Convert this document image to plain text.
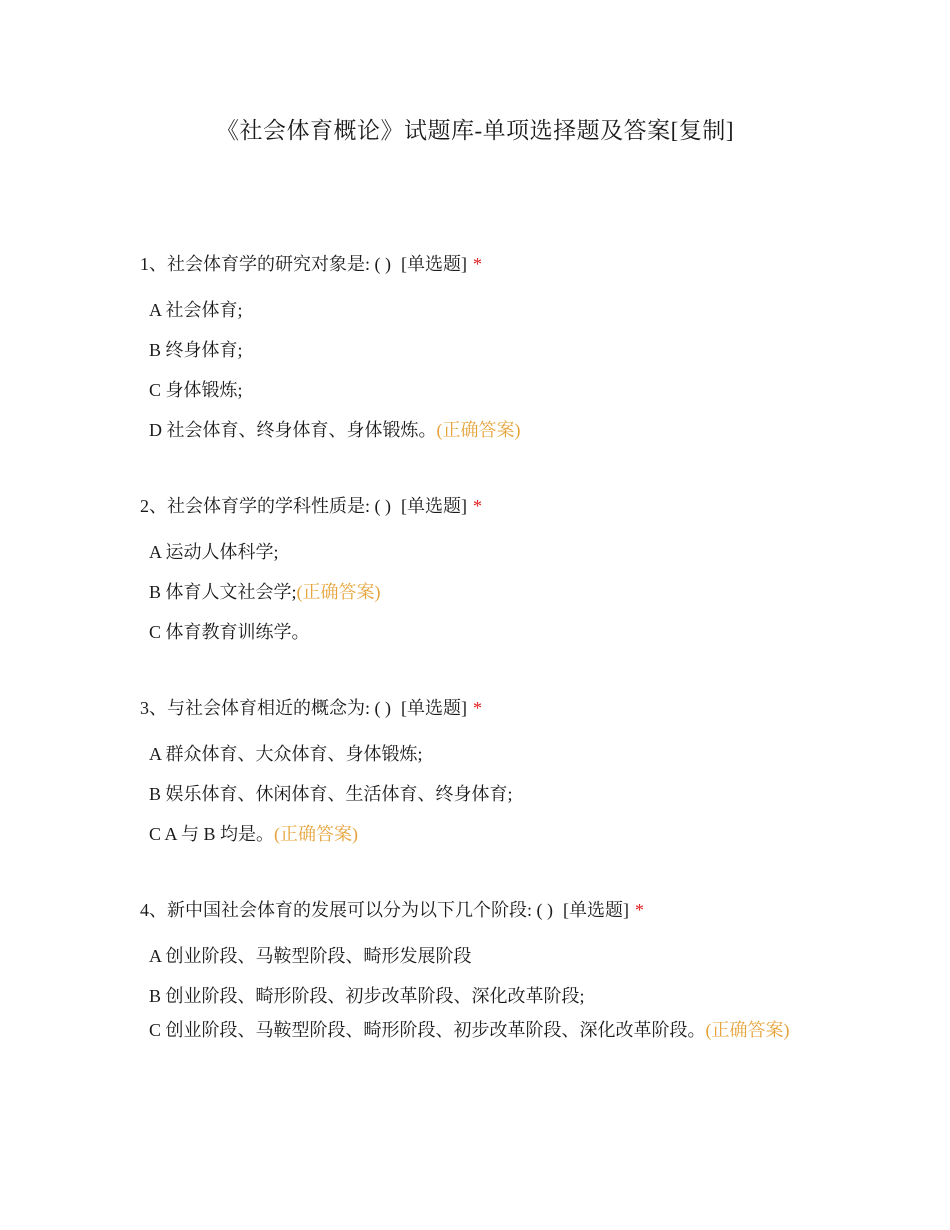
《社会体育概论》试题库-单项选择题及答案[复制]

1、社会体育学的研究对象是: ( ) [单选题] *

A 社会体育;
B 终身体育;
C 身体锻炼;
D 社会体育、终身体育、身体锻炼。(正确答案)

2、社会体育学的学科性质是: ( ) [单选题] *

A 运动人体科学;
B 体育人文社会学;(正确答案)
C 体育教育训练学。

3、与社会体育相近的概念为: ( ) [单选题] *

A 群众体育、大众体育、身体锻炼;
B 娱乐体育、休闲体育、生活体育、终身体育;
C A 与 B 均是。(正确答案)

4、新中国社会体育的发展可以分为以下几个阶段: ( ) [单选题] *

A 创业阶段、马鞍型阶段、畸形发展阶段
B 创业阶段、畸形阶段、初步改革阶段、深化改革阶段;
C 创业阶段、马鞍型阶段、畸形阶段、初步改革阶段、深化改革阶段。(正确答案)
